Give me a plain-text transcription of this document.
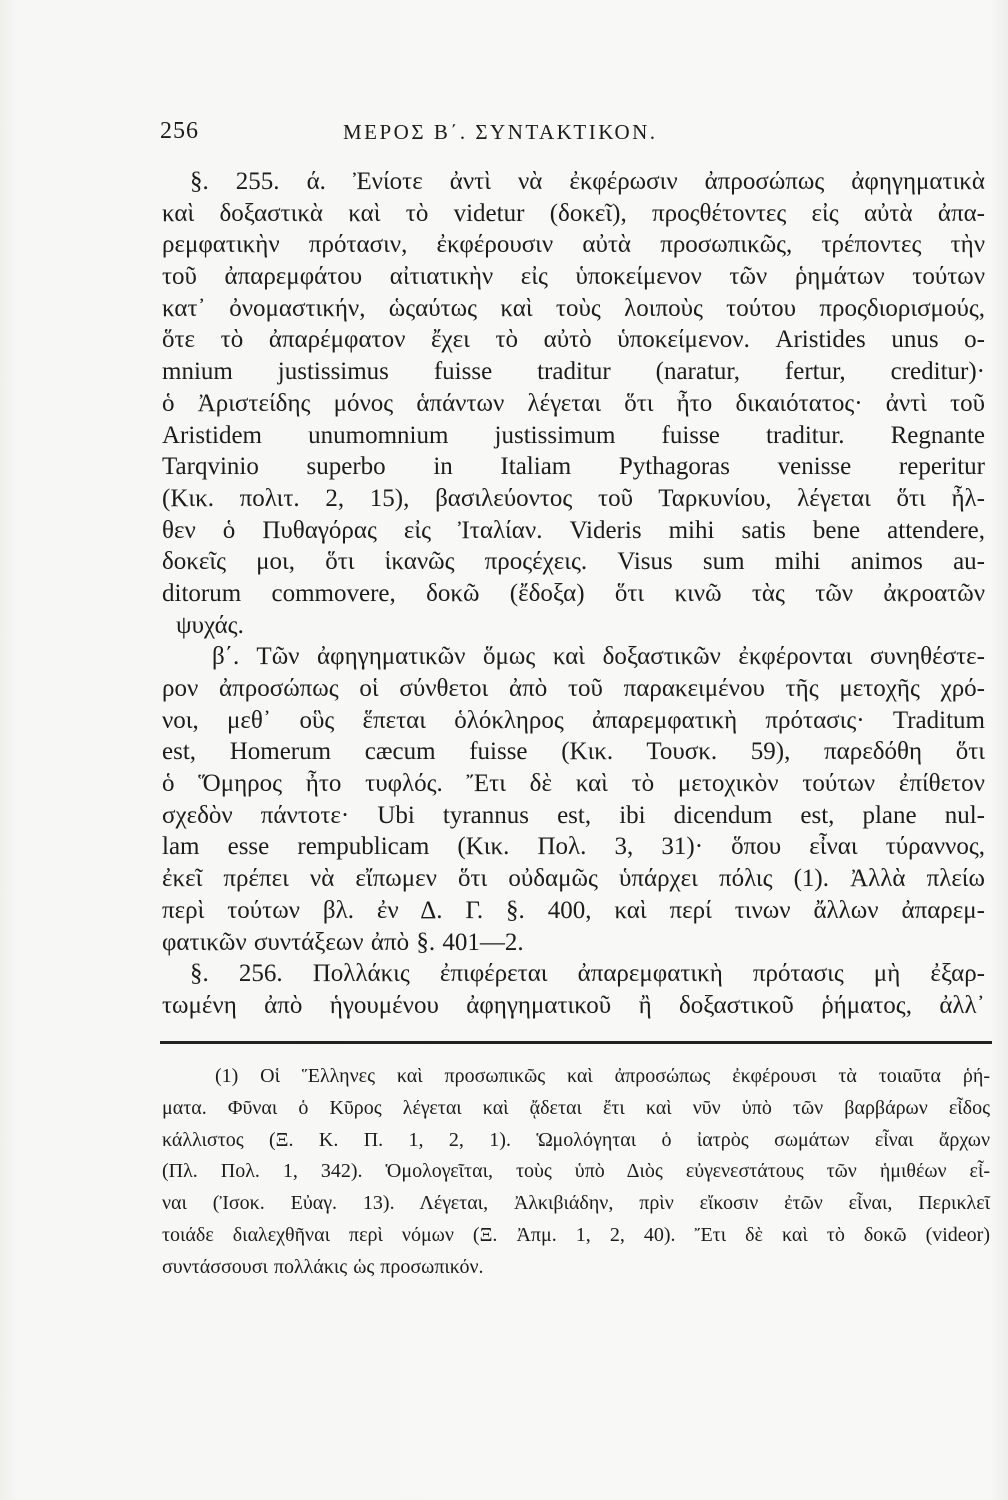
256	ΜΕΡΟΣ Β΄. ΣΥΝΤΑΚΤΙΚΟΝ.
§. 255. ά. Ἐνίοτε ἀντὶ νὰ ἐκφέρωσιν ἀπροσώπως ἀφηγηματικὰ
καὶ δοξαστικὰ καὶ τὸ videtur (δοκεῖ), προςθέτοντες εἰς αὐτὰ ἀπα-
ρεμφατικὴν πρότασιν, ἐκφέρουσιν αὐτὰ προσωπικῶς, τρέποντες τὴν
τοῦ ἀπαρεμφάτου αἰτιατικὴν εἰς ὑποκείμενον τῶν ῥημάτων τούτων
κατ᾽ ὀνομαστικήν, ὡςαύτως καὶ τοὺς λοιποὺς τούτου προςδιορισμούς,
ὅτε τὸ ἀπαρέμφατον ἔχει τὸ αὐτὸ ὑποκείμενον. Aristides unus o-
mnium justissimus fuisse traditur (naratur, fertur, creditur)·
ὁ Ἀριστείδης μόνος ἁπάντων λέγεται ὅτι ἦτο δικαιότατος· ἀντὶ τοῦ
Aristidem unumomnium justissimum fuisse traditur. Regnante
Tarqvinio superbo in Italiam Pythagoras venisse reperitur
(Κικ. πολιτ. 2, 15), βασιλεύοντος τοῦ Ταρκυνίου, λέγεται ὅτι ἦλ-
θεν ὁ Πυθαγόρας εἰς Ἰταλίαν. Videris mihi satis bene attendere,
δοκεῖς μοι, ὅτι ἱκανῶς προςέχεις. Visus sum mihi animos au-
ditorum commovere, δοκῶ (ἔδοξα) ὅτι κινῶ τὰς τῶν ἀκροατῶν
ψυχάς.
β΄. Τῶν ἀφηγηματικῶν ὅμως καὶ δοξαστικῶν ἐκφέρονται συνηθέστε-
ρον ἀπροσώπως οἱ σύνθετοι ἀπὸ τοῦ παρακειμένου τῆς μετοχῆς χρό-
νοι, μεθ᾽ οὓς ἕπεται ὁλόκληρος ἀπαρεμφατικὴ πρότασις· Traditum
est, Homerum cæcum fuisse (Κικ. Τουσκ. 59), παρεδόθη ὅτι
ὁ Ὅμηρος ἦτο τυφλός. Ἔτι δὲ καὶ τὸ μετοχικὸν τούτων ἐπίθετον
σχεδὸν πάντοτε· Ubi tyrannus est, ibi dicendum est, plane nul-
lam esse rempublicam (Κικ. Πολ. 3, 31)· ὅπου εἶναι τύραννος,
ἐκεῖ πρέπει νὰ εἴπωμεν ὅτι οὐδαμῶς ὑπάρχει πόλις (1). Ἀλλὰ πλείω
περὶ τούτων βλ. ἐν Δ. Γ. §. 400, καὶ περί τινων ἄλλων ἀπαρεμ-
φατικῶν συντάξεων ἀπὸ §. 401—2.
§. 256. Πολλάκις ἐπιφέρεται ἀπαρεμφατικὴ πρότασις μὴ ἐξαρ-
τωμένη ἀπὸ ἡγουμένου ἀφηγηματικοῦ ἢ δοξαστικοῦ ῥήματος, ἀλλ᾽
(1) Οἱ Ἕλληνες καὶ προσωπικῶς καὶ ἀπροσώπως ἐκφέρουσι τὰ τοιαῦτα ῥή-
ματα. Φῦναι ὁ Κῦρος λέγεται καὶ ᾄδεται ἔτι καὶ νῦν ὑπὸ τῶν βαρβάρων εἶδος
κάλλιστος (Ξ. Κ. Π. 1, 2, 1). Ὡμολόγηται ὁ ἰατρὸς σωμάτων εἶναι ἄρχων
(Πλ. Πολ. 1, 342). Ὁμολογεῖται, τοὺς ὑπὸ Διὸς εὐγενεστάτους τῶν ἡμιθέων εἶ-
ναι (Ἰσοκ. Εὐαγ. 13). Λέγεται, Ἀλκιβιάδην, πρὶν εἴκοσιν ἐτῶν εἶναι, Περικλεῖ
τοιάδε διαλεχθῆναι περὶ νόμων (Ξ. Ἀπμ. 1, 2, 40). Ἔτι δὲ καὶ τὸ δοκῶ (videor)
συντάσσουσι πολλάκις ὡς προσωπικόν.
